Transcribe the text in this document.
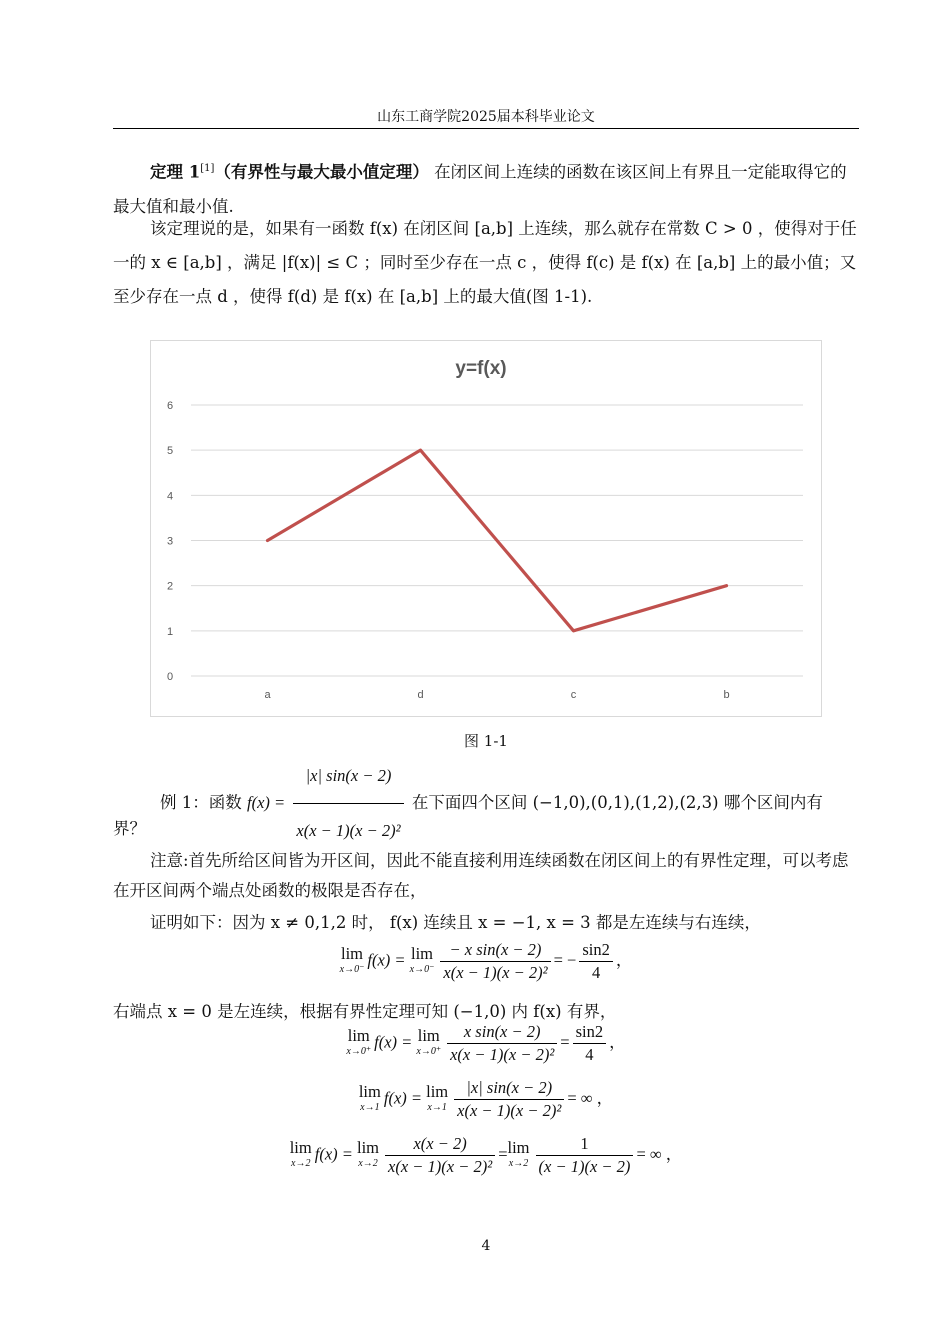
山东工商学院2025届本科毕业论文
定理 1[1]（有界性与最大最小值定理） 在闭区间上连续的函数在该区间上有界且一定能取得它的最大值和最小值.
该定理说的是，如果有一函数 f(x) 在闭区间 [a,b] 上连续，那么就存在常数 C > 0 ，使得对于任一的 x ∈ [a,b] ，满足 |f(x)| ≤ C ；同时至少存在一点 c ，使得 f(c) 是 f(x) 在 [a,b] 上的最小值；又至少存在一点 d ，使得 f(d) 是 f(x) 在 [a,b] 上的最大值(图 1-1).
y=f(x)
0
1
2
3
4
5
6
a	d	c	b
图 1-1
例 1：函数 $f(x) = \frac{|x| \sin(x - 2)}{\text{x(x − 1)(x − 2)²}}$ 在下面四个区间 (−1,0),(0,1),(1,2),(2,3) 哪个区间内有
界？
注意:首先所给区间皆为开区间，因此不能直接利用连续函数在闭区间上的有界性定理，可以考虑在开区间两个端点处函数的极限是否存在，
证明如下：因为 x ≠ 0,1,2 时， f(x) 连续且 x = −1, x = 3 都是左连续与右连续，
lim
x→0⁻ f(x) = lim
$x\to 0^- \frac{\text{− x sin(x − 2)}}{\text{x(x − 1)(x − 2)²}}$ = − $\frac{\sin 2}{4}$ ，
右端点 x = 0 是左连续，根据有界性定理可知 (−1,0) 内 f(x) 有界，
lim
x→0⁺ f(x) = lim
$x\to 0^+ \frac{\text{x sin(x − 2)}}{\text{x(x − 1)(x − 2)²}} = \frac{\sin 2}{4}$ ，
lim
x→1 f(x) = lim
$x\to 1 \frac{|x| \sin(x - 2)}{\text{x(x − 1)(x − 2)²}}$ = ∞ ，
lim
x→2 f(x) = lim
$x\to 2 \frac{x(x - 2)}{\text{x(x − 1)(x − 2)²}} =\lim$
$x\to 2 \frac{1}{(x - 1)(x - 2)}$ = ∞ ，
4
